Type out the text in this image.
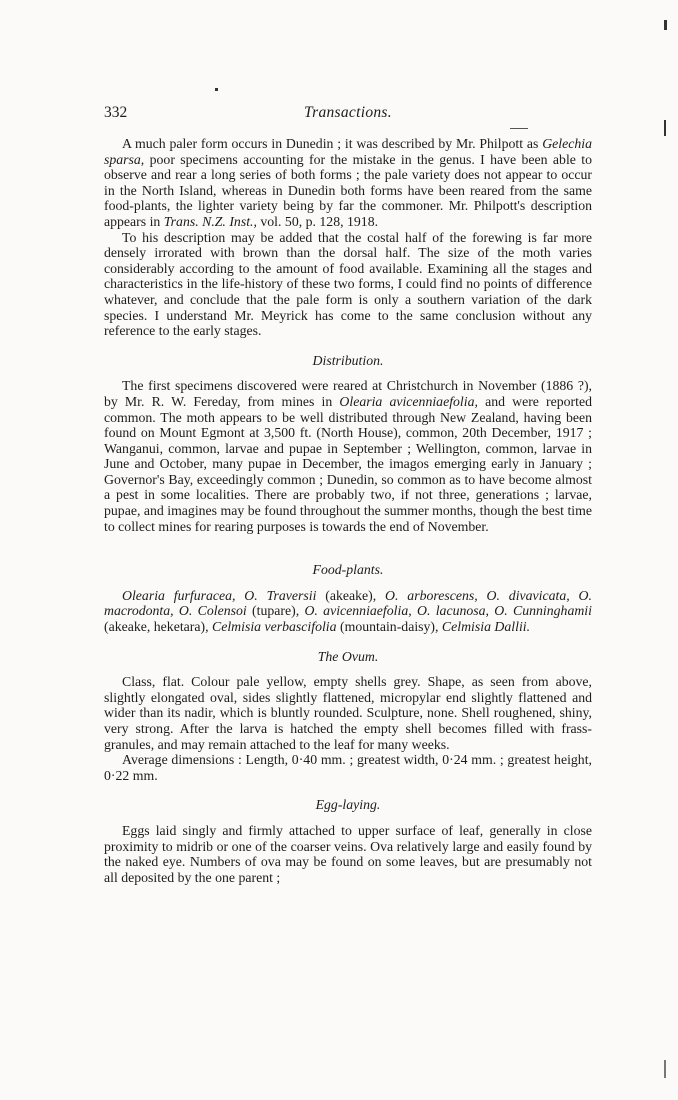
332	Transactions.

A much paler form occurs in Dunedin ; it was described by Mr. Philpott as Gelechia sparsa, poor specimens accounting for the mistake in the genus. I have been able to observe and rear a long series of both forms ; the pale variety does not appear to occur in the North Island, whereas in Dunedin both forms have been reared from the same food-plants, the lighter variety being by far the commoner. Mr. Philpott's description appears in Trans. N.Z. Inst., vol. 50, p. 128, 1918.

To his description may be added that the costal half of the forewing is far more densely irrorated with brown than the dorsal half. The size of the moth varies considerably according to the amount of food available. Examining all the stages and characteristics in the life-history of these two forms, I could find no points of difference whatever, and conclude that the pale form is only a southern variation of the dark species. I understand Mr. Meyrick has come to the same conclusion without any reference to the early stages.

Distribution.

The first specimens discovered were reared at Christchurch in November (1886 ?), by Mr. R. W. Fereday, from mines in Olearia avicenniaefolia, and were reported common. The moth appears to be well distributed through New Zealand, having been found on Mount Egmont at 3,500 ft. (North House), common, 20th December, 1917 ; Wanganui, common, larvae and pupae in September ; Wellington, common, larvae in June and October, many pupae in December, the imagos emerging early in January ; Governor's Bay, exceedingly common ; Dunedin, so common as to have become almost a pest in some localities. There are probably two, if not three, generations ; larvae, pupae, and imagines may be found throughout the summer months, though the best time to collect mines for rearing purposes is towards the end of November.

Food-plants.

Olearia furfuracea, O. Traversii (akeake), O. arborescens, O. divavicata, O. macrodonta, O. Colensoi (tupare), O. avicenniaefolia, O. lacunosa, O. Cunninghamii (akeake, heketara), Celmisia verbascifolia (mountain-daisy), Celmisia Dallii.

The Ovum.

Class, flat. Colour pale yellow, empty shells grey. Shape, as seen from above, slightly elongated oval, sides slightly flattened, micropylar end slightly flattened and wider than its nadir, which is bluntly rounded. Sculpture, none. Shell roughened, shiny, very strong. After the larva is hatched the empty shell becomes filled with frass-granules, and may remain attached to the leaf for many weeks.

Average dimensions : Length, 0·40 mm. ; greatest width, 0·24 mm. ; greatest height, 0·22 mm.

Egg-laying.

Eggs laid singly and firmly attached to upper surface of leaf, generally in close proximity to midrib or one of the coarser veins. Ova relatively large and easily found by the naked eye. Numbers of ova may be found on some leaves, but are presumably not all deposited by the one parent ;
